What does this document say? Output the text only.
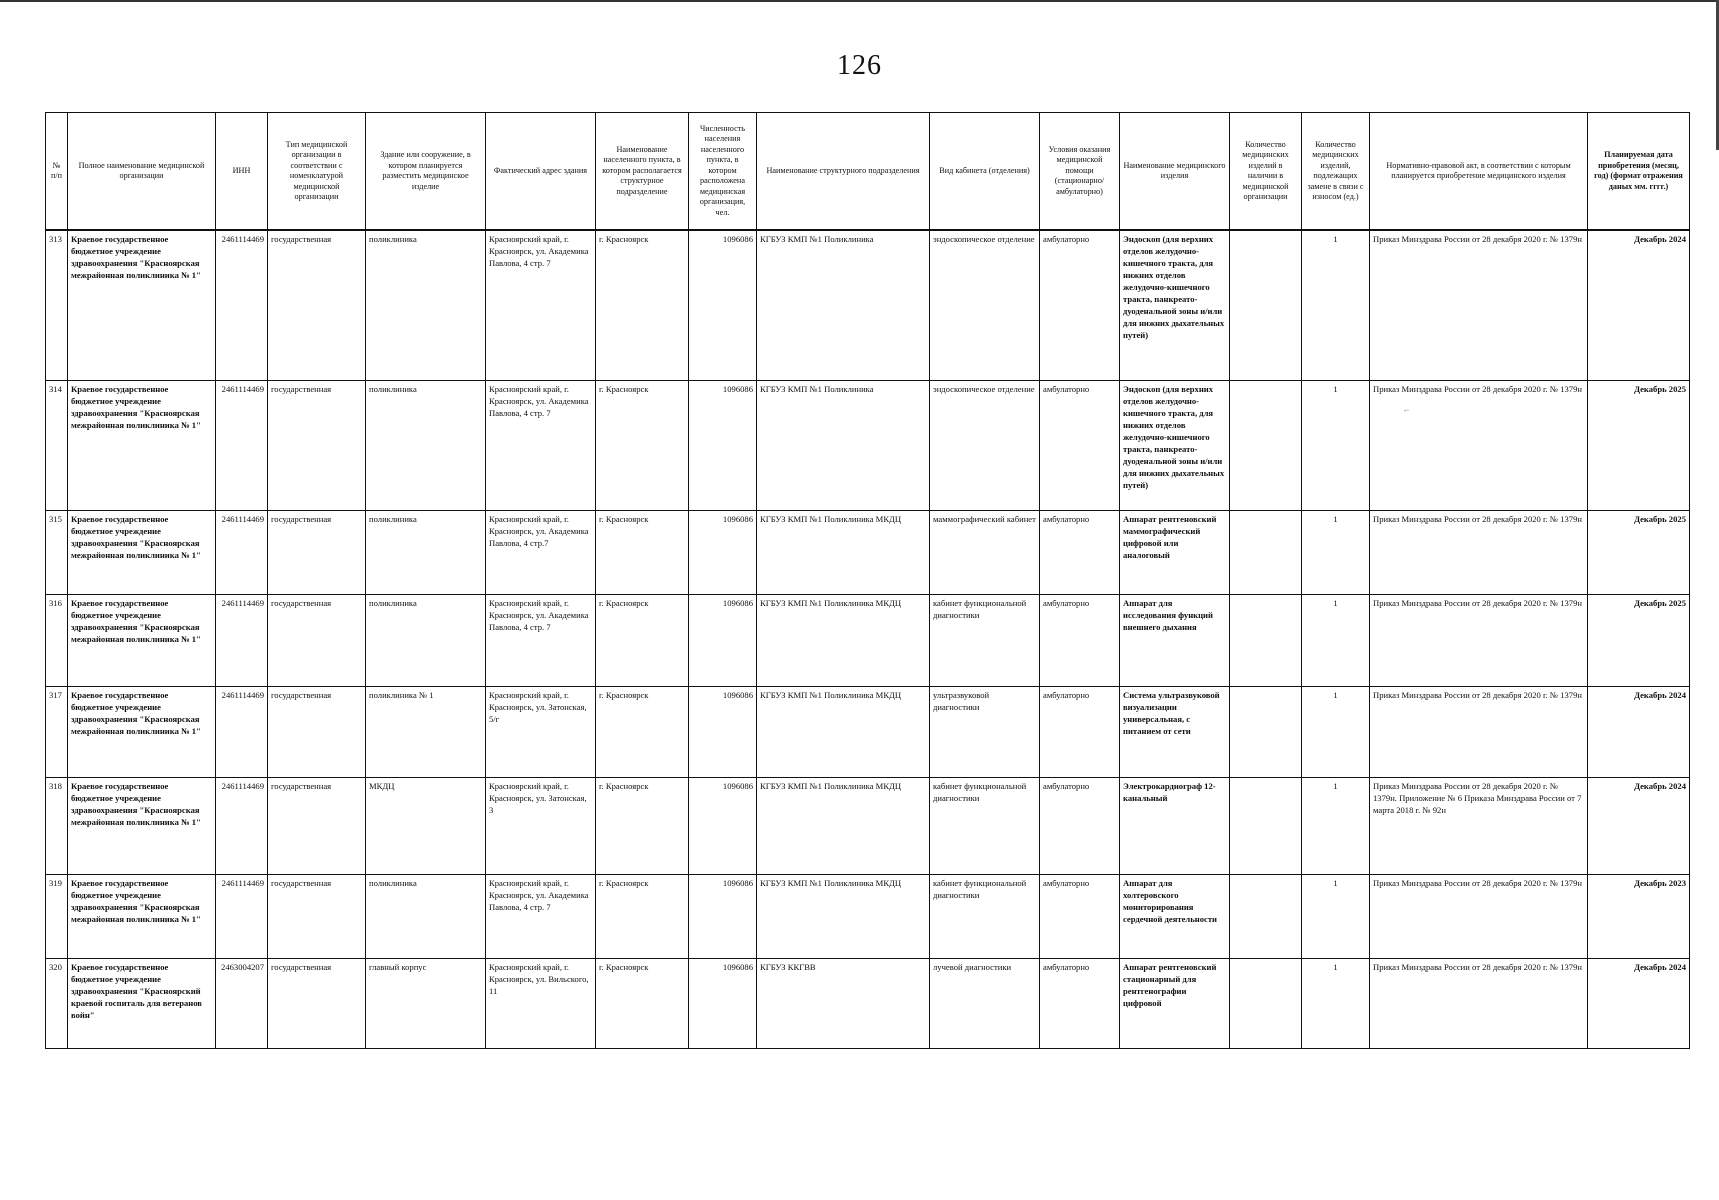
126
№ п/п	Полное наименование медицинской организации	ИНН	Тип медицинской организации в соответствии с номенклатурой медицинской организации	Здание или сооружение, в котором планируется разместить медицинское изделие	Фактический адрес здания	Наименование населенного пункта, в котором располагается структурное подразделение	Численность населения населенного пункта, в котором расположена медицинская организация, чел.	Наименование структурного подразделения	Вид кабинета (отделения)	Условия оказания медицинской помощи (стационарно/ амбулаторно)	Наименование медицинского изделия	Количество медицинских изделий в наличии в медицинской организации	Количество медицинских изделий, подлежащих замене в связи с износом (ед.)	Нормативно-правовой акт, в соответствии с которым планируется приобретение медицинского изделия	Планируемая дата приобретения (месяц, год) (формат отражения даных мм. гггг.)
313	Краевое государственное бюджетное учреждение здравоохранения "Красноярская межрайонная поликлиника № 1"	2461114469	государственная	поликлиника	Красноярский край, г. Красноярск, ул. Академика Павлова, 4 стр. 7	г. Красноярск	1096086	КГБУЗ КМП №1 Поликлиника	эндоскопическое отделение	амбулаторно	Эндоскоп (для верхних отделов желудочно-кишечного тракта, для нижних отделов желудочно-кишечного тракта, панкреато-дуоденальной зоны и/или для нижних дыхательных путей)		1	Приказ Минздрава России от 28 декабря 2020 г. № 1379н	Декабрь 2024
314	Краевое государственное бюджетное учреждение здравоохранения "Красноярская межрайонная поликлиника № 1"	2461114469	государственная	поликлиника	Красноярский край, г. Красноярск, ул. Академика Павлова, 4 стр. 7	г. Красноярск	1096086	КГБУЗ КМП №1 Поликлиника	эндоскопическое отделение	амбулаторно	Эндоскоп (для верхних отделов желудочно-кишечного тракта, для нижних отделов желудочно-кишечного тракта, панкреато-дуоденальной зоны и/или для нижних дыхательных путей)		1	Приказ Минздрава России от 28 декабря 2020 г. № 1379н	Декабрь 2025
315	Краевое государственное бюджетное учреждение здравоохранения "Красноярская межрайонная поликлиника № 1"	2461114469	государственная	поликлиника	Красноярский край, г. Красноярск, ул. Академика Павлова, 4 стр.7	г. Красноярск	1096086	КГБУЗ КМП №1 Поликлиника МКДЦ	маммографический кабинет	амбулаторно	Аппарат рентгеновский маммографический цифровой или аналоговый		1	Приказ Минздрава России от 28 декабря 2020 г. № 1379н	Декабрь 2025
316	Краевое государственное бюджетное учреждение здравоохранения "Красноярская межрайонная поликлиника № 1"	2461114469	государственная	поликлиника	Красноярский край, г. Красноярск, ул. Академика Павлова, 4 стр. 7	г. Красноярск	1096086	КГБУЗ КМП №1 Поликлиника МКДЦ	кабинет функциональной диагностики	амбулаторно	Аппарат для исследования функций внешнего дыхания		1	Приказ Минздрава России от 28 декабря 2020 г. № 1379н	Декабрь 2025
317	Краевое государственное бюджетное учреждение здравоохранения "Красноярская межрайонная поликлиника № 1"	2461114469	государственная	поликлиника № 1	Красноярский край, г. Красноярск, ул. Затонская, 5/г	г. Красноярск	1096086	КГБУЗ КМП №1 Поликлиника МКДЦ	ультразвуковой диагностики	амбулаторно	Система ультразвуковой визуализации универсальная, с питанием от сети		1	Приказ Минздрава России от 28 декабря 2020 г. № 1379н	Декабрь 2024
318	Краевое государственное бюджетное учреждение здравоохранения "Красноярская межрайонная поликлиника № 1"	2461114469	государственная	МКДЦ	Красноярский край, г. Красноярск, ул. Затонская, 3	г. Красноярск	1096086	КГБУЗ КМП №1 Поликлиника МКДЦ	кабинет функциональной диагностики	амбулаторно	Электрокардиограф 12-канальный		1	Приказ Минздрава России от 28 декабря 2020 г. № 1379н. Приложение № 6 Приказа Минздрава России от 7 марта 2018 г. № 92н	Декабрь 2024
319	Краевое государственное бюджетное учреждение здравоохранения "Красноярская межрайонная поликлиника № 1"	2461114469	государственная	поликлиника	Красноярский край, г. Красноярск, ул. Академика Павлова, 4 стр. 7	г. Красноярск	1096086	КГБУЗ КМП №1 Поликлиника МКДЦ	кабинет функциональной диагностики	амбулаторно	Аппарат для холтеровского мониторирования сердечной деятельности		1	Приказ Минздрава России от 28 декабря 2020 г. № 1379н	Декабрь 2023
320	Краевое государственное бюджетное учреждение здравоохранения "Красноярский краевой госпиталь для ветеранов войн"	2463004207	государственная	главный корпус	Красноярский край, г. Красноярск, ул. Вильского, 11	г. Красноярск	1096086	КГБУЗ ККГВВ	лучевой диагностики	амбулаторно	Аппарат рентгеновский стационарный для рентгенографии цифровой		1	Приказ Минздрава России от 28 декабря 2020 г. № 1379н	Декабрь 2024
‐·
